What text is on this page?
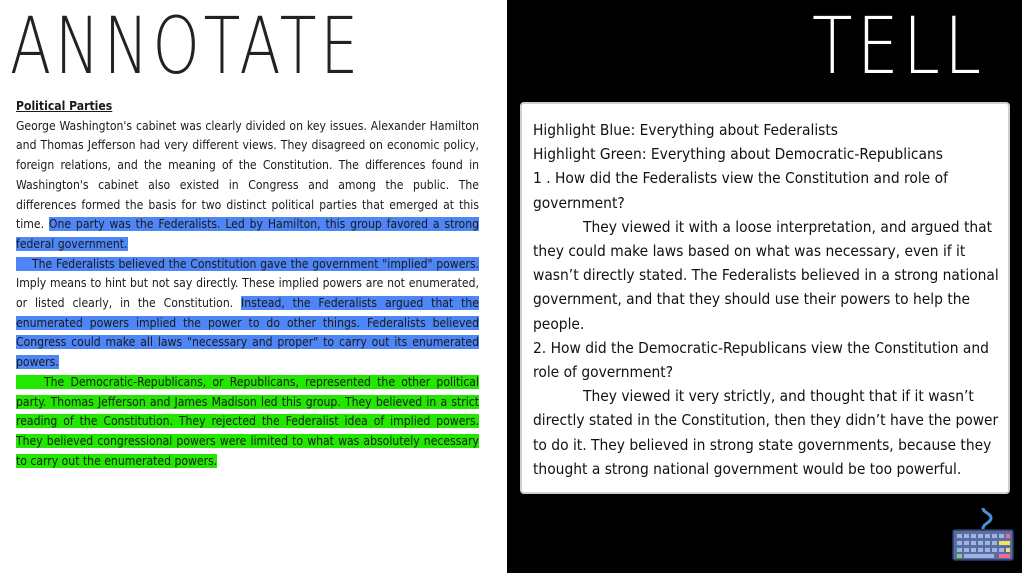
ANNOTATE
Political Parties

George Washington's cabinet was clearly divided on key issues. Alexander Hamilton and Thomas Jefferson had very different views. They disagreed on economic policy, foreign relations, and the meaning of the Constitution. The differences found in Washington's cabinet also existed in Congress and among the public. The differences formed the basis for two distinct political parties that emerged at this time. One party was the Federalists. Led by Hamilton, this group favored a strong federal government.

The Federalists believed the Constitution gave the government "implied" powers. Imply means to hint but not say directly. These implied powers are not enumerated, or listed clearly, in the Constitution. Instead, the Federalists argued that the enumerated powers implied the power to do other things. Federalists believed Congress could make all laws "necessary and proper" to carry out its enumerated powers.

The Democratic-Republicans, or Republicans, represented the other political party. Thomas Jefferson and James Madison led this group. They believed in a strict reading of the Constitution. They rejected the Federalist idea of implied powers. They believed congressional powers were limited to what was absolutely necessary to carry out the enumerated powers.

TELL

Highlight Blue: Everything about Federalists

Highlight Green: Everything about Democratic-Republicans

1 . How did the Federalists view the Constitution and role of government?

They viewed it with a loose interpretation, and argued that they could make laws based on what was necessary, even if it wasn’t directly stated. The Federalists believed in a strong national government, and that they should use their powers to help the people.

2. How did the Democratic-Republicans view the Constitution and role of government?

They viewed it very strictly, and thought that if it wasn’t directly stated in the Constitution, then they didn’t have the power to do it. They believed in strong state governments, because they thought a strong national government would be too powerful.
